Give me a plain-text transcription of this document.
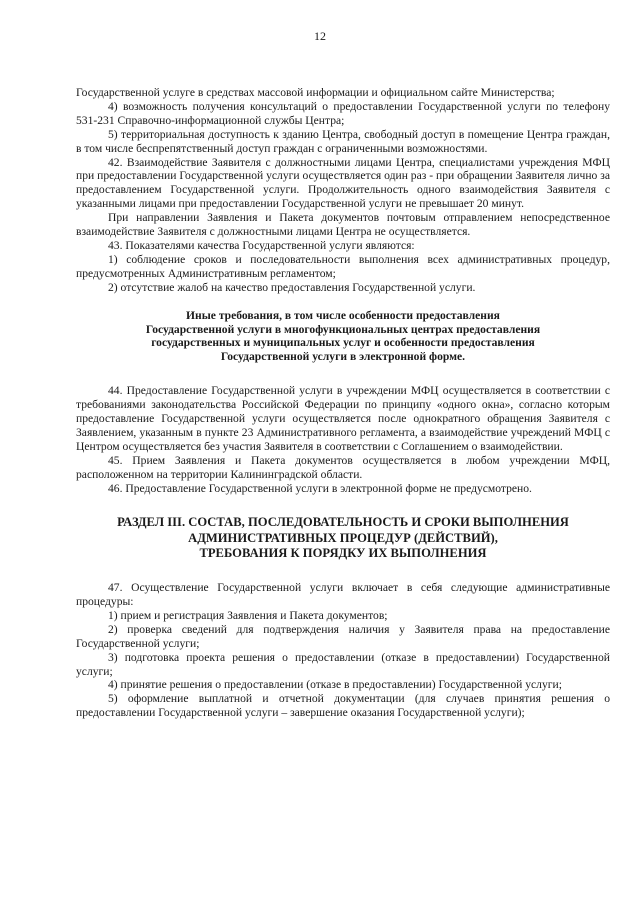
12

Государственной услуге в средствах массовой информации и официальном сайте Министерства;

4) возможность получения консультаций о предоставлении Государственной услуги по телефону 531-231 Справочно-информационной службы Центра;

5) территориальная доступность к зданию Центра, свободный доступ в помещение Центра граждан, в том числе беспрепятственный доступ граждан с ограниченными возможностями.

42. Взаимодействие Заявителя с должностными лицами Центра, специалистами учреждения МФЦ при предоставлении Государственной услуги осуществляется один раз - при обращении Заявителя лично за предоставлением Государственной услуги. Продолжительность одного взаимодействия Заявителя с указанными лицами при предоставлении Государственной услуги не превышает 20 минут.

При направлении Заявления и Пакета документов почтовым отправлением непосредственное взаимодействие Заявителя с должностными лицами Центра не осуществляется.

43. Показателями качества Государственной услуги являются:

1) соблюдение сроков и последовательности выполнения всех административных процедур, предусмотренных Административным регламентом;

2) отсутствие жалоб на качество предоставления Государственной услуги.

Иные требования, в том числе особенности предоставления

Государственной услуги в многофункциональных центрах предоставления

государственных и муниципальных услуг и особенности предоставления

Государственной услуги в электронной форме.

44. Предоставление Государственной услуги в учреждении МФЦ осуществляется в соответствии с требованиями законодательства Российской Федерации по принципу «одного окна», согласно которым предоставление Государственной услуги осуществляется после однократного обращения Заявителя с Заявлением, указанным в пункте 23 Административного регламента, а взаимодействие учреждений МФЦ с Центром осуществляется без участия Заявителя в соответствии с Соглашением о взаимодействии.

45. Прием Заявления и Пакета документов осуществляется в любом учреждении МФЦ, расположенном на территории Калининградской области.

46. Предоставление Государственной услуги в электронной форме не предусмотрено.

РАЗДЕЛ III. СОСТАВ, ПОСЛЕДОВАТЕЛЬНОСТЬ И СРОКИ ВЫПОЛНЕНИЯ

АДМИНИСТРАТИВНЫХ ПРОЦЕДУР (ДЕЙСТВИЙ),

ТРЕБОВАНИЯ К ПОРЯДКУ ИХ ВЫПОЛНЕНИЯ

47. Осуществление Государственной услуги включает в себя следующие административные процедуры:

1) прием и регистрация Заявления и Пакета документов;

2) проверка сведений для подтверждения наличия у Заявителя права на предоставление Государственной услуги;

3) подготовка проекта решения о предоставлении (отказе в предоставлении) Государственной услуги;

4) принятие решения о предоставлении (отказе в предоставлении) Государственной услуги;

5) оформление выплатной и отчетной документации (для случаев принятия решения о предоставлении Государственной услуги – завершение оказания Государственной услуги);
